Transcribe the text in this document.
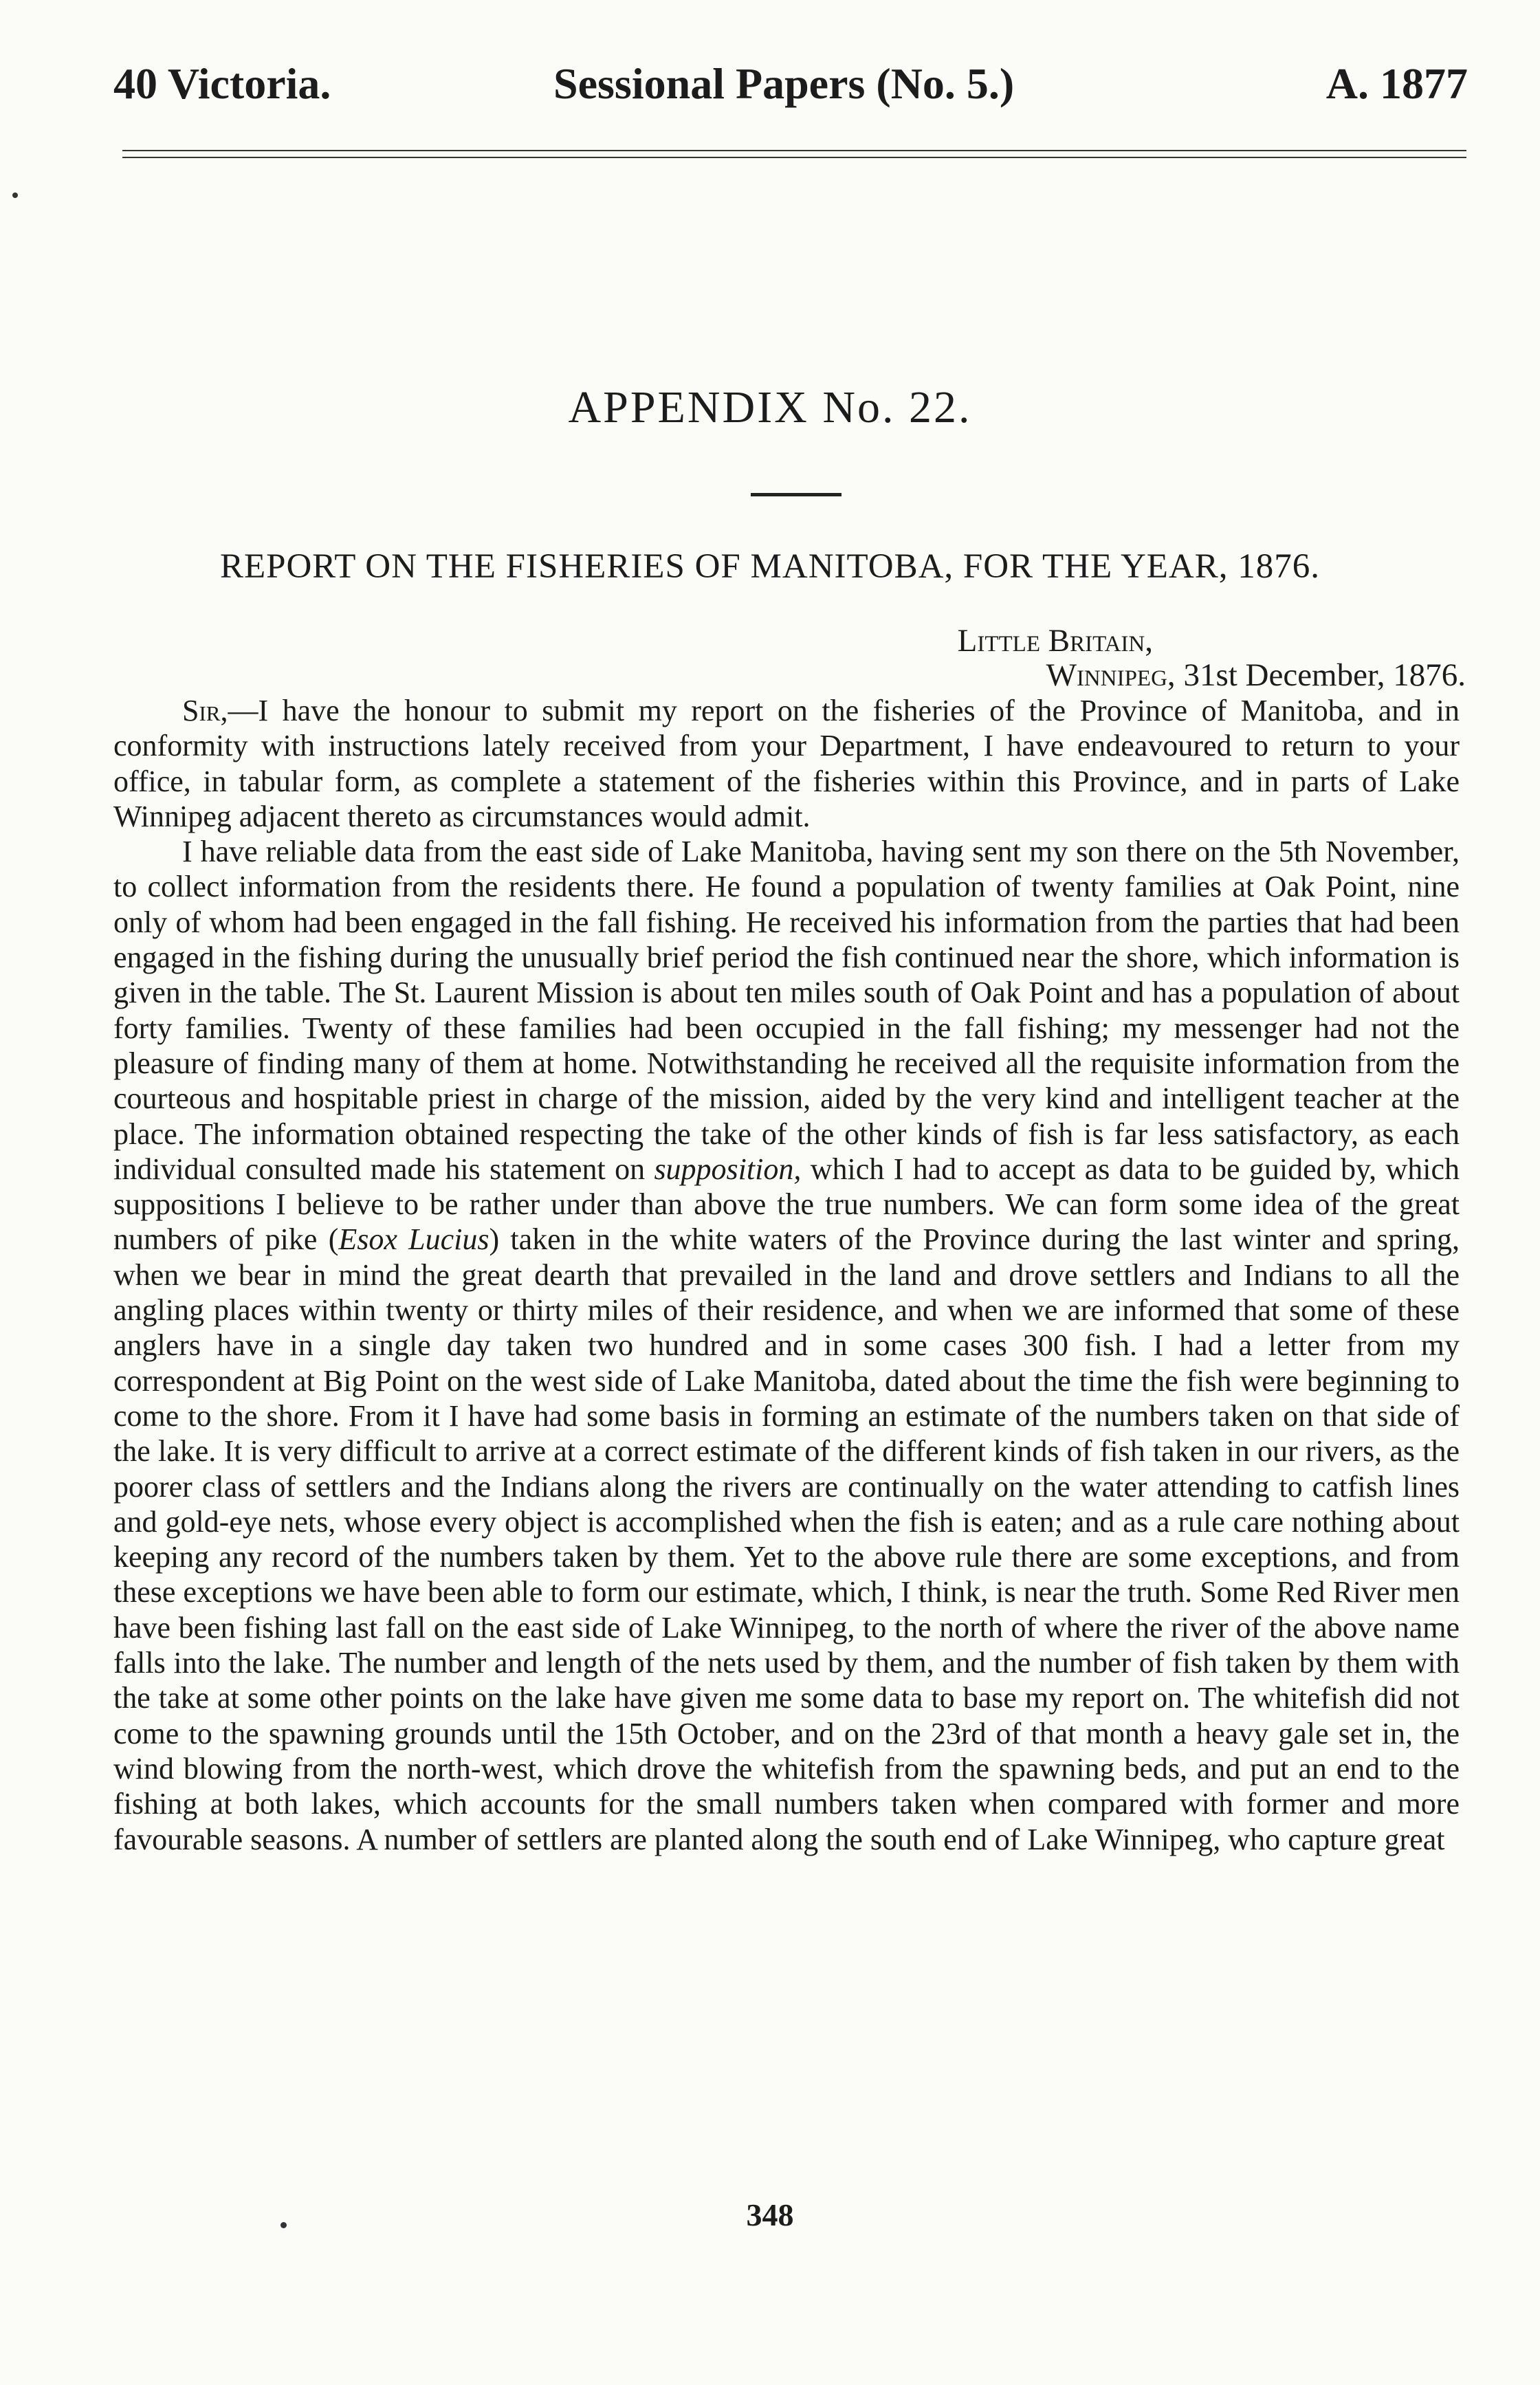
40 Victoria.	Sessional Papers (No. 5.)	A. 1877
APPENDIX No. 22.
REPORT ON THE FISHERIES OF MANITOBA, FOR THE YEAR, 1876.
Little Britain,
Winnipeg, 31st December, 1876.

Sir,—I have the honour to submit my report on the fisheries of the Province of Manitoba, and in conformity with instructions lately received from your Department, I have endeavoured to return to your office, in tabular form, as complete a statement of the fisheries within this Province, and in parts of Lake Winnipeg adjacent thereto as circumstances would admit.

I have reliable data from the east side of Lake Manitoba, having sent my son there on the 5th November, to collect information from the residents there. He found a population of twenty families at Oak Point, nine only of whom had been engaged in the fall fishing. He received his information from the parties that had been engaged in the fishing during the unusually brief period the fish continued near the shore, which information is given in the table. The St. Laurent Mission is about ten miles south of Oak Point and has a population of about forty families. Twenty of these families had been occupied in the fall fishing; my messenger had not the pleasure of finding many of them at home. Notwithstanding he received all the requisite information from the courteous and hospitable priest in charge of the mission, aided by the very kind and intelligent teacher at the place. The information obtained respecting the take of the other kinds of fish is far less satisfactory, as each individual consulted made his statement on supposition, which I had to accept as data to be guided by, which suppositions I believe to be rather under than above the true numbers. We can form some idea of the great numbers of pike (Esox Lucius) taken in the white waters of the Province during the last winter and spring, when we bear in mind the great dearth that prevailed in the land and drove settlers and Indians to all the angling places within twenty or thirty miles of their residence, and when we are informed that some of these anglers have in a single day taken two hundred and in some cases 300 fish. I had a letter from my correspondent at Big Point on the west side of Lake Manitoba, dated about the time the fish were beginning to come to the shore. From it I have had some basis in forming an estimate of the numbers taken on that side of the lake. It is very difficult to arrive at a correct estimate of the different kinds of fish taken in our rivers, as the poorer class of settlers and the Indians along the rivers are continually on the water attending to catfish lines and gold-eye nets, whose every object is accomplished when the fish is eaten; and as a rule care nothing about keeping any record of the numbers taken by them. Yet to the above rule there are some exceptions, and from these exceptions we have been able to form our estimate, which, I think, is near the truth. Some Red River men have been fishing last fall on the east side of Lake Winnipeg, to the north of where the river of the above name falls into the lake. The number and length of the nets used by them, and the number of fish taken by them with the take at some other points on the lake have given me some data to base my report on. The whitefish did not come to the spawning grounds until the 15th October, and on the 23rd of that month a heavy gale set in, the wind blowing from the north-west, which drove the whitefish from the spawning beds, and put an end to the fishing at both lakes, which accounts for the small numbers taken when compared with former and more favourable seasons. A number of settlers are planted along the south end of Lake Winnipeg, who capture great

348
